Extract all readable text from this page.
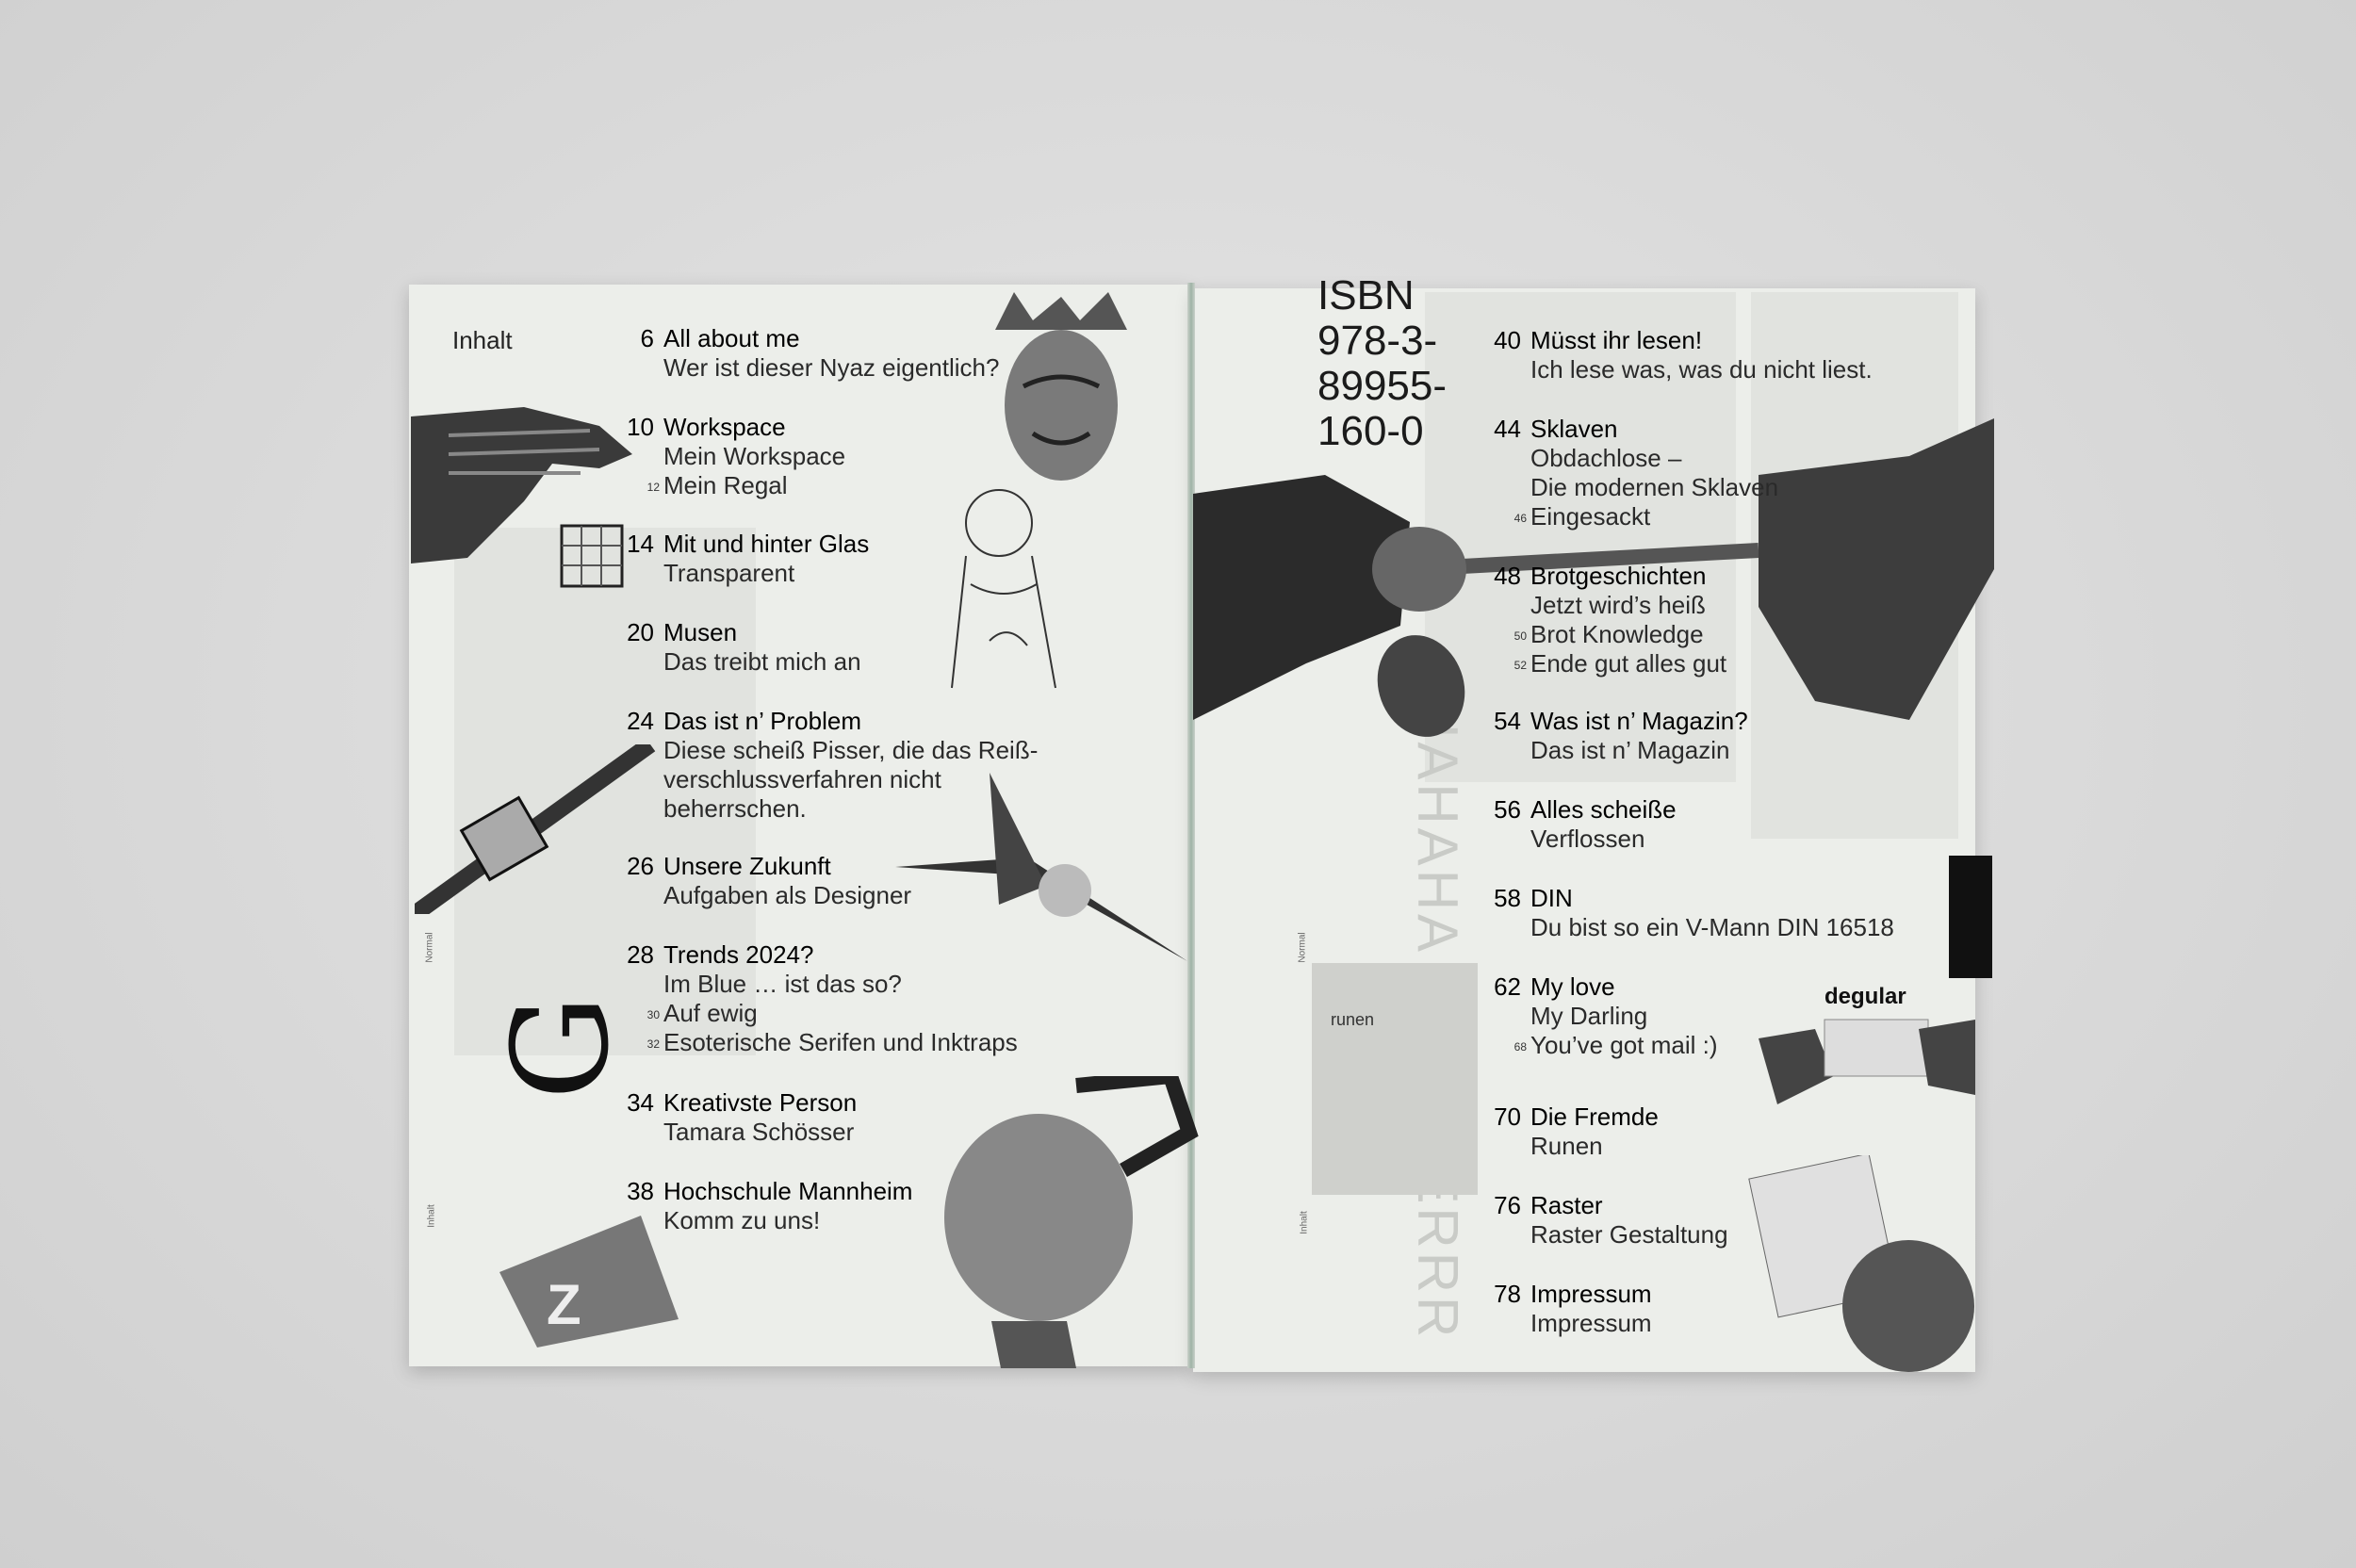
G
Z
runen
degular
Inhalt
ISBN
978-3-
89955-
160-0
Normal
Inhalt
Normal
Inhalt
6 All about me
Wer ist dieser Nyaz eigentlich?
10 Workspace
Mein Workspace
12 Mein Regal
14 Mit und hinter Glas
Transparent
20 Musen
Das treibt mich an
24 Das ist n’ Problem
Diese scheiß Pisser, die das Reiß-
verschlussverfahren nicht
beherrschen.
26 Unsere Zukunft
Aufgaben als Designer
28 Trends 2024?
Im Blue … ist das so?
30 Auf ewig
32 Esoterische Serifen und Inktraps
34 Kreativste Person
Tamara Schösser
38 Hochschule Mannheim
Komm zu uns!
40 Müsst ihr lesen!
Ich lese was, was du nicht liest.
44 Sklaven
Obdachlose –
Die modernen Sklaven
46 Eingesackt
48 Brotgeschichten
Jetzt wird’s heiß
50 Brot Knowledge
52 Ende gut alles gut
54 Was ist n’ Magazin?
Das ist n’ Magazin
56 Alles scheiße
Verflossen
58 DIN
Du bist so ein V-Mann DIN 16518
62 My love
My Darling
68 You’ve got mail :)
70 Die Fremde
Runen
76 Raster
Raster Gestaltung
78 Impressum
Impressum
